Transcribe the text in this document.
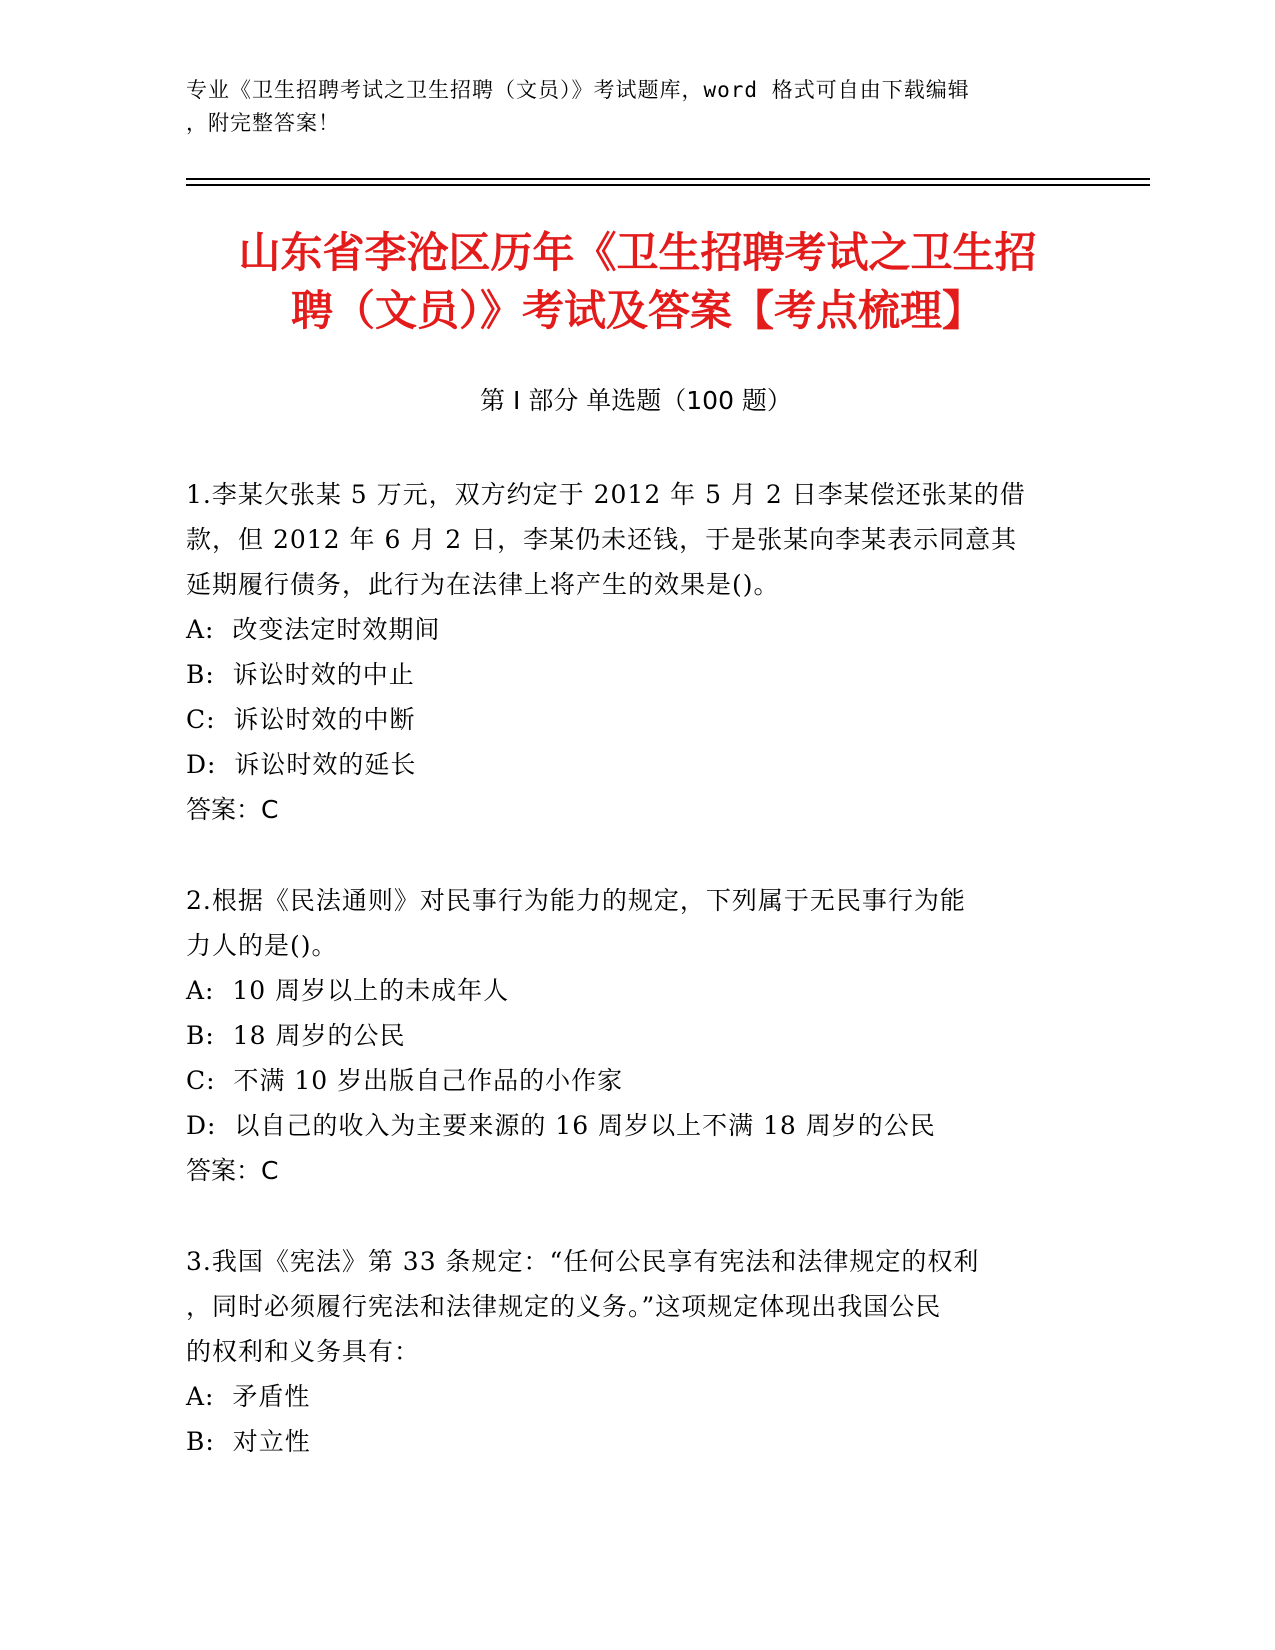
专业《卫生招聘考试之卫生招聘（文员）》考试题库，word 格式可自由下载编辑
，附完整答案！
山东省李沧区历年《卫生招聘考试之卫生招
聘（文员）》考试及答案【考点梳理】
第 I 部分 单选题（100 题）

1.李某欠张某 5 万元，双方约定于 2012 年 5 月 2 日李某偿还张某的借
款，但 2012 年 6 月 2 日，李某仍未还钱，于是张某向李某表示同意其
延期履行债务，此行为在法律上将产生的效果是()。

A:  改变法定时效期间

B:  诉讼时效的中止

C:  诉讼时效的中断

D:  诉讼时效的延长

答案：C

2.根据《民法通则》对民事行为能力的规定，下列属于无民事行为能
力人的是()。

A:  10 周岁以上的未成年人

B:  18 周岁的公民

C:  不满 10 岁出版自己作品的小作家

D:  以自己的收入为主要来源的 16 周岁以上不满 18 周岁的公民

答案：C

3.我国《宪法》第 33 条规定：“任何公民享有宪法和法律规定的权利
，同时必须履行宪法和法律规定的义务。”这项规定体现出我国公民
的权利和义务具有：

A:  矛盾性

B:  对立性
